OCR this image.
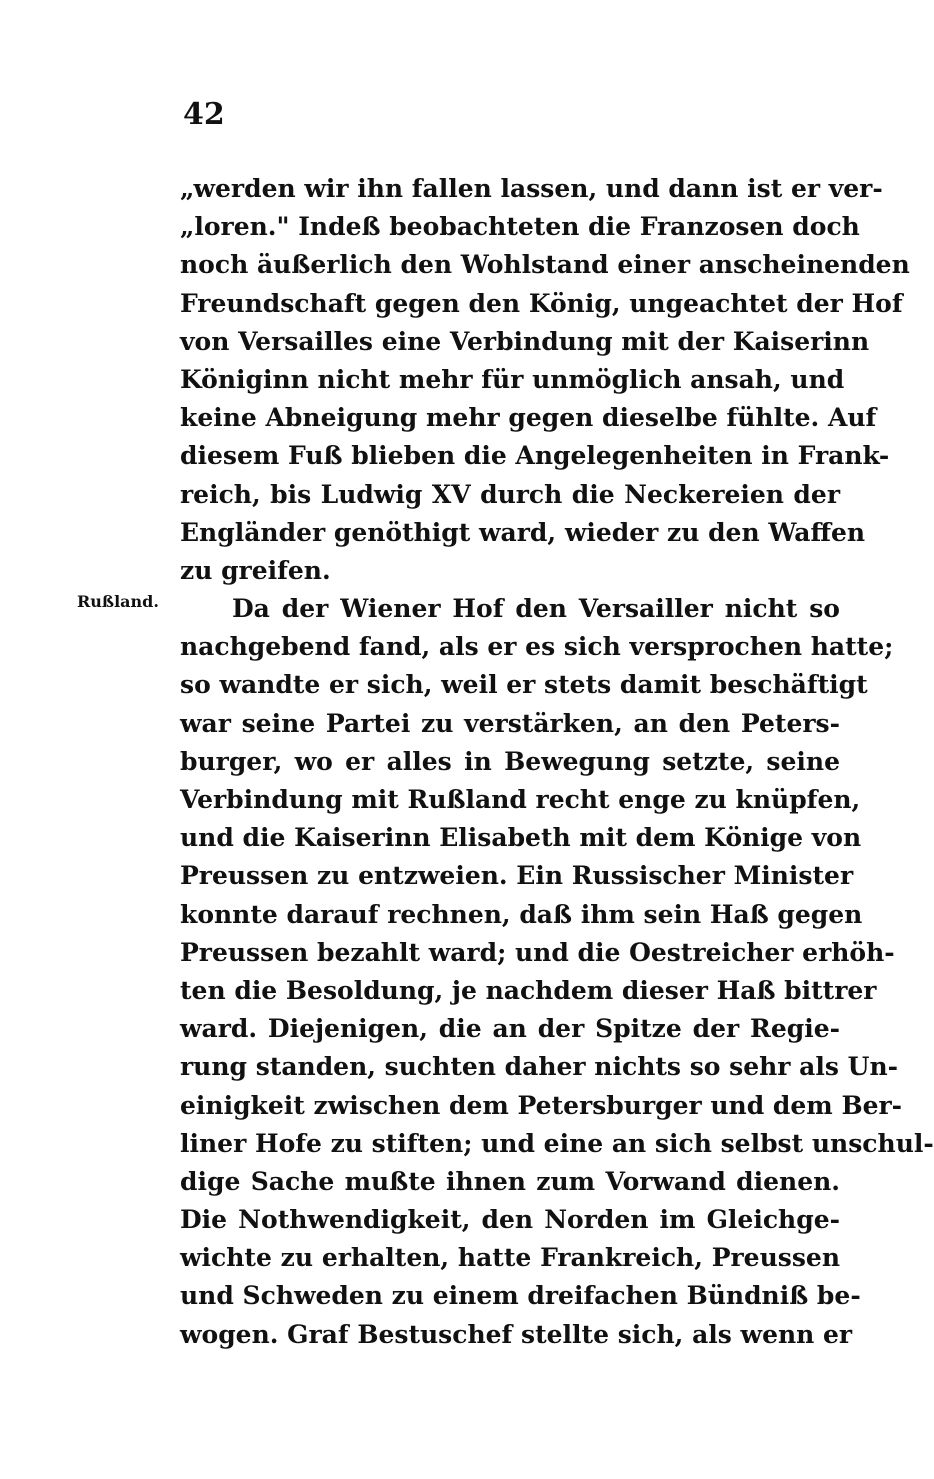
42
Rußland.
„werden wir ihn fallen lassen, und dann ist er ver-
„loren." Indeß beobachteten die Franzosen doch
noch äußerlich den Wohlstand einer anscheinenden
Freundschaft gegen den König, ungeachtet der Hof
von Versailles eine Verbindung mit der Kaiserinn
Königinn nicht mehr für unmöglich ansah, und
keine Abneigung mehr gegen dieselbe fühlte. Auf
diesem Fuß blieben die Angelegenheiten in Frank-
reich, bis Ludwig XV durch die Neckereien der
Engländer genöthigt ward, wieder zu den Waffen
zu greifen.
Da der Wiener Hof den Versailler nicht so
nachgebend fand, als er es sich versprochen hatte;
so wandte er sich, weil er stets damit beschäftigt
war seine Partei zu verstärken, an den Peters-
burger, wo er alles in Bewegung setzte, seine
Verbindung mit Rußland recht enge zu knüpfen,
und die Kaiserinn Elisabeth mit dem Könige von
Preussen zu entzweien. Ein Russischer Minister
konnte darauf rechnen, daß ihm sein Haß gegen
Preussen bezahlt ward; und die Oestreicher erhöh-
ten die Besoldung, je nachdem dieser Haß bittrer
ward. Diejenigen, die an der Spitze der Regie-
rung standen, suchten daher nichts so sehr als Un-
einigkeit zwischen dem Petersburger und dem Ber-
liner Hofe zu stiften; und eine an sich selbst unschul-
dige Sache mußte ihnen zum Vorwand dienen.
Die Nothwendigkeit, den Norden im Gleichge-
wichte zu erhalten, hatte Frankreich, Preussen
und Schweden zu einem dreifachen Bündniß be-
wogen. Graf Bestuschef stellte sich, als wenn er
